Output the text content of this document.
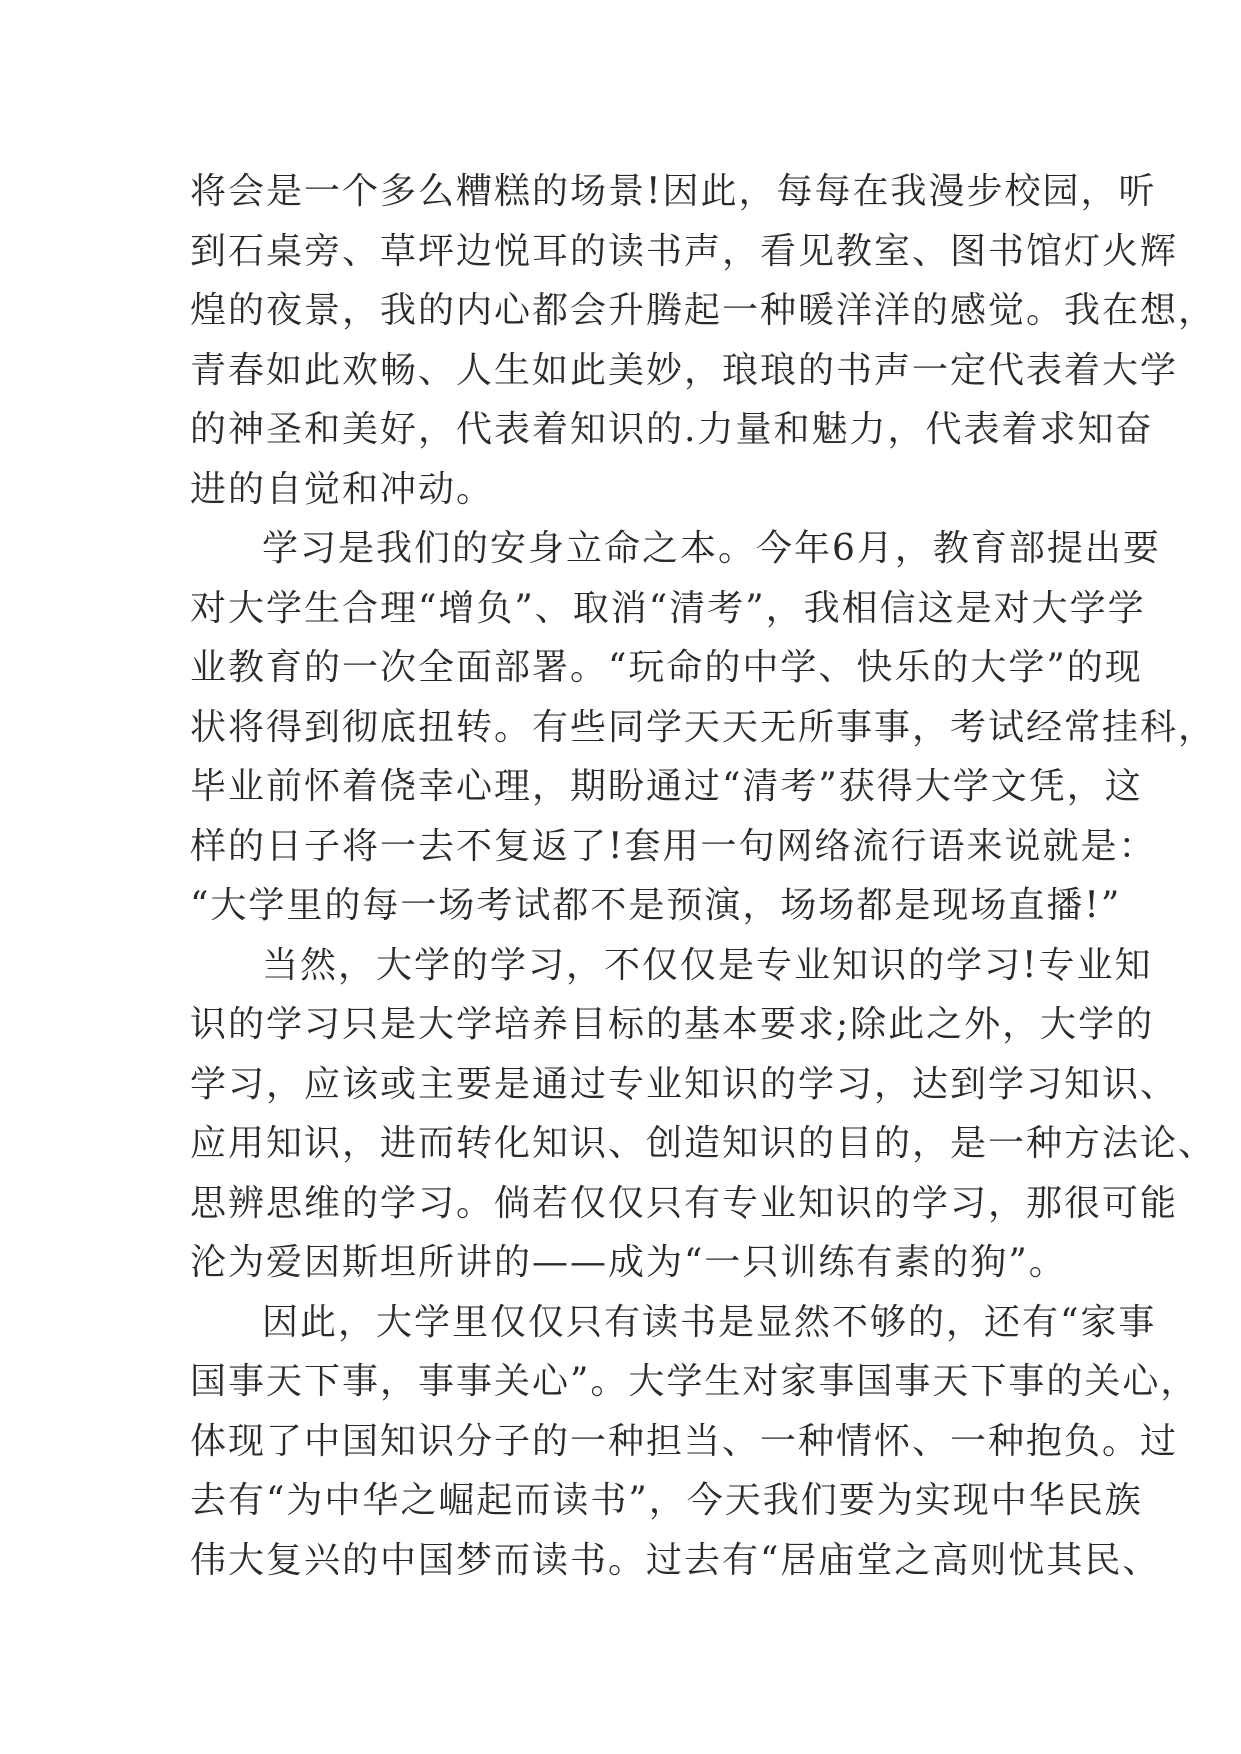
将会是一个多么糟糕的场景!因此，每每在我漫步校园，听
到石桌旁、草坪边悦耳的读书声，看见教室、图书馆灯火辉
煌的夜景，我的内心都会升腾起一种暖洋洋的感觉。我在想，
青春如此欢畅、人生如此美妙，琅琅的书声一定代表着大学
的神圣和美好，代表着知识的.力量和魅力，代表着求知奋
进的自觉和冲动。
学习是我们的安身立命之本。今年6月，教育部提出要
对大学生合理“增负”、取消“清考”，我相信这是对大学学
业教育的一次全面部署。“玩命的中学、快乐的大学”的现
状将得到彻底扭转。有些同学天天无所事事，考试经常挂科，
毕业前怀着侥幸心理，期盼通过“清考”获得大学文凭，这
样的日子将一去不复返了!套用一句网络流行语来说就是：
“大学里的每一场考试都不是预演，场场都是现场直播!”
当然，大学的学习，不仅仅是专业知识的学习!专业知
识的学习只是大学培养目标的基本要求;除此之外，大学的
学习，应该或主要是通过专业知识的学习，达到学习知识、
应用知识，进而转化知识、创造知识的目的，是一种方法论、
思辨思维的学习。倘若仅仅只有专业知识的学习，那很可能
沦为爱因斯坦所讲的——成为“一只训练有素的狗”。
因此，大学里仅仅只有读书是显然不够的，还有“家事
国事天下事，事事关心”。大学生对家事国事天下事的关心，
体现了中国知识分子的一种担当、一种情怀、一种抱负。过
去有“为中华之崛起而读书”，今天我们要为实现中华民族
伟大复兴的中国梦而读书。过去有“居庙堂之高则忧其民、
